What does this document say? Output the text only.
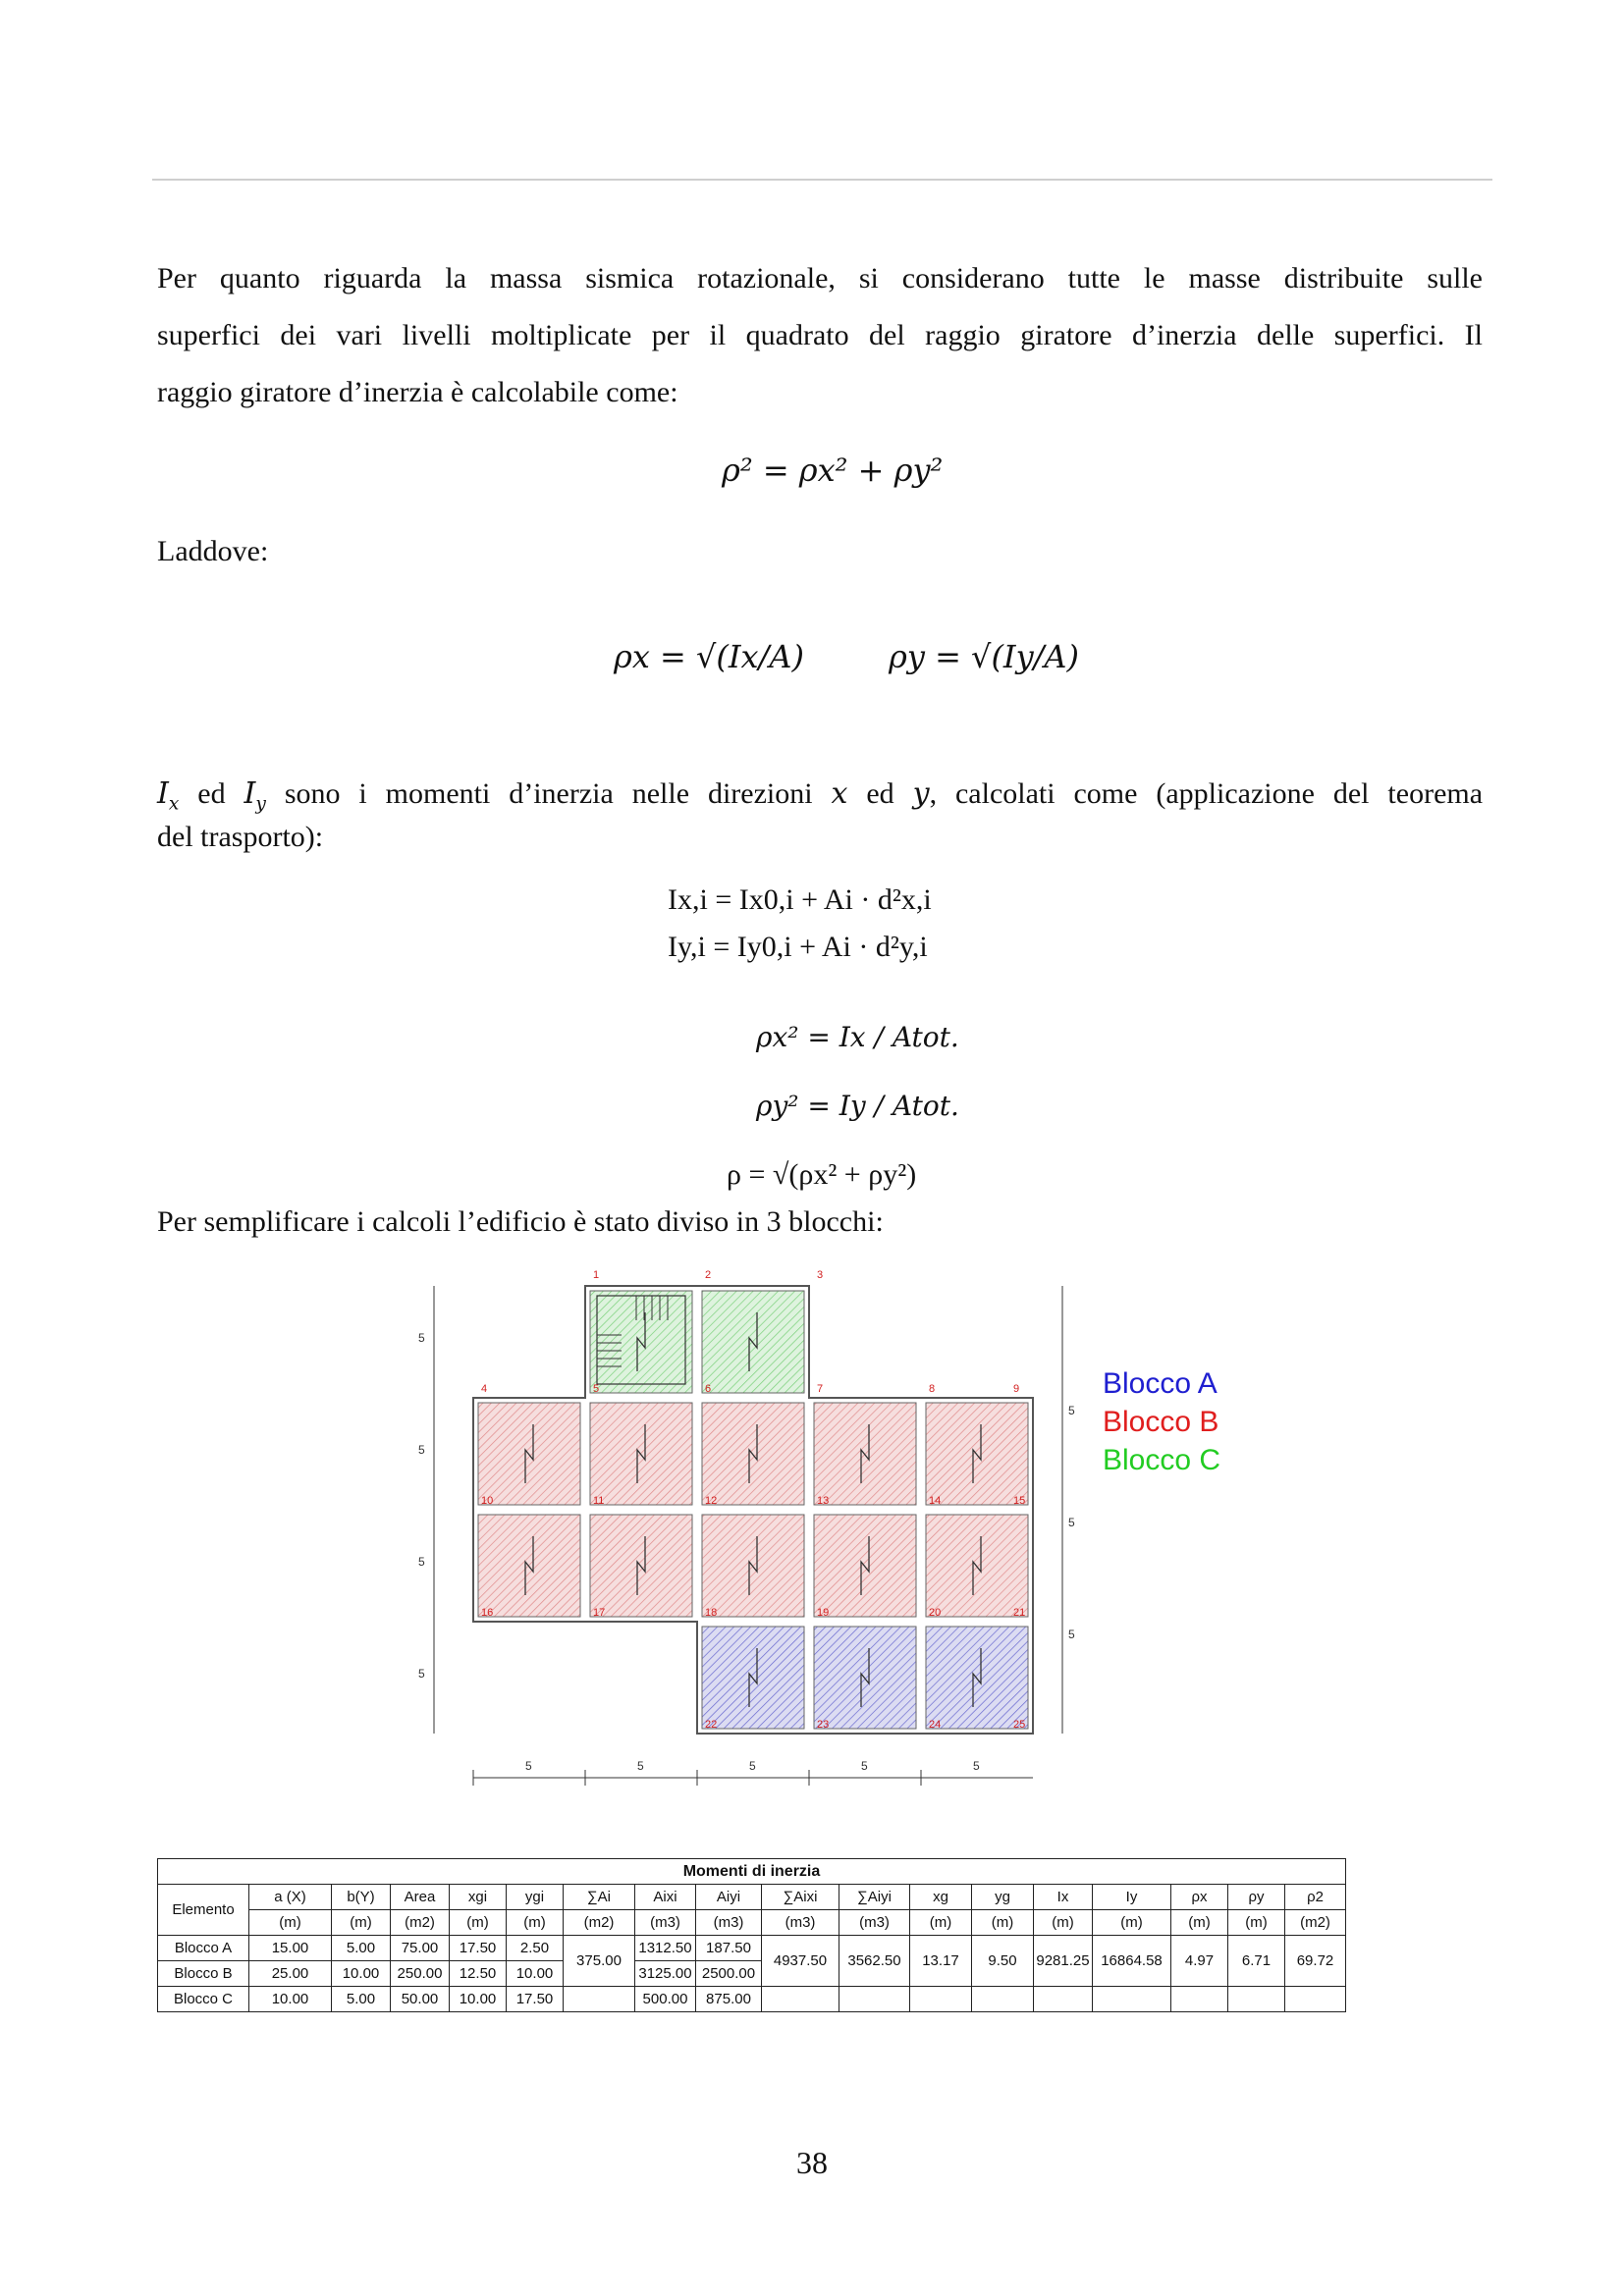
Per quanto riguarda la massa sismica rotazionale, si considerano tutte le masse distribuite sulle
superfici dei vari livelli moltiplicate per il quadrato del raggio giratore d’inerzia delle superfici. Il
raggio giratore d’inerzia è calcolabile come:
ρ² = ρx² + ρy²
Laddove:
ρx = √(Ix/A)	ρy = √(Iy/A)
$I_x$ ed $I_y$ sono i momenti d’inerzia nelle direzioni x ed y, calcolati come (applicazione del teorema
del trasporto):
Ix,i = Ix0,i + Ai · d²x,i
Iy,i = Iy0,i + Ai · d²y,i
ρx² = Ix / Atot.
ρy² = Iy / Atot.
ρ = √(ρx² + ρy²)
Per semplificare i calcoli l’edificio è stato diviso in 3 blocchi:
1	2	3
4	5	6	7	8	9
10	11	12	13	14	15
16	17	18	19	20	21
22	23	24	25
5	5	5	5	5
5
5
5
5
5
5
5
Blocco A
Blocco B
Blocco C
Momenti di inerzia																	
Elemento	a (X)	b(Y)	Area	xgi	ygi	∑Ai	Aixi	Aiyi	∑Aixi	∑Aiyi	xg	yg	Ix	Iy	ρx	ρy	ρ2
	(m)	(m)	(m2)	(m)	(m)	(m2)	(m3)	(m3)	(m3)	(m3)	(m)	(m)	(m)	(m)	(m)	(m)	(m2)
Blocco A	15.00	5.00	75.00	17.50	2.50	375.00	1312.50	187.50	4937.50	3562.50	13.17	9.50	9281.25	16864.58	4.97	6.71	69.72
Blocco B	25.00	10.00	250.00	12.50	10.00		3125.00	2500.00									
Blocco C	10.00	5.00	50.00	10.00	17.50		500.00	875.00									
38
